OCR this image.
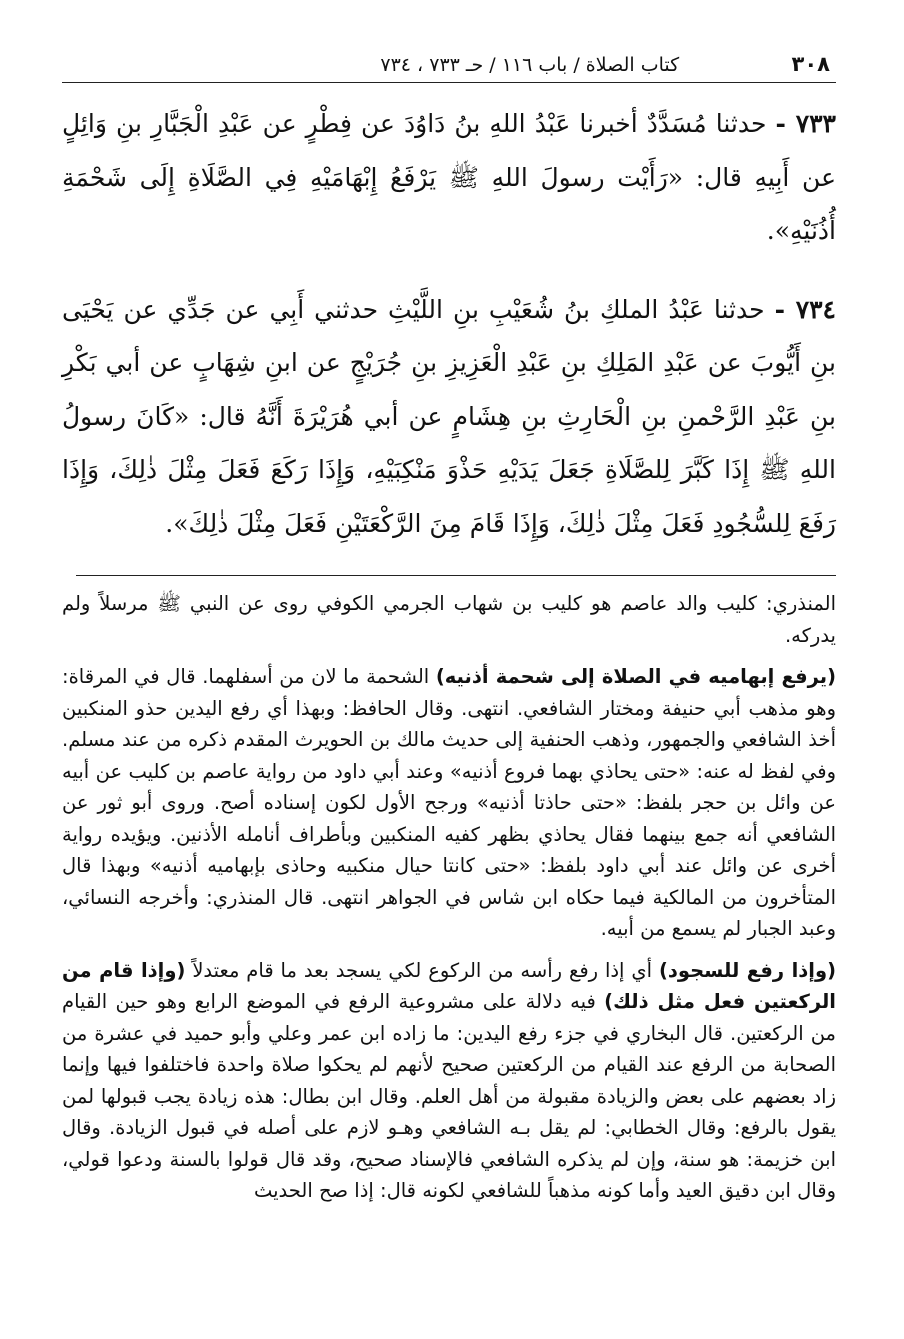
٣٠٨
كتاب الصلاة / باب ١١٦ / حـ ٧٣٣ ، ٧٣٤

٧٣٣ - حدثنا مُسَدَّدٌ أخبرنا عَبْدُ اللهِ بنُ دَاوُدَ عن فِطْرٍ عن عَبْدِ الْجَبَّارِ بنِ وَائِلٍ عن أَبِيهِ قال: «رَأَيْت رسولَ اللهِ ﷺ يَرْفَعُ إِبْهَامَيْهِ فِي الصَّلَاةِ إِلَى شَحْمَةِ أُذُنَيْهِ».

٧٣٤ - حدثنا عَبْدُ الملكِ بنُ شُعَيْبِ بنِ اللَّيْثِ حدثني أَبِي عن جَدِّي عن يَحْيَى بنِ أَيُّوبَ عن عَبْدِ المَلِكِ بنِ عَبْدِ الْعَزِيزِ بنِ جُرَيْجٍ عن ابنِ شِهَابٍ عن أبي بَكْرِ بنِ عَبْدِ الرَّحْمنِ بنِ الْحَارِثِ بنِ هِشَامٍ عن أبي هُرَيْرَةَ أَنَّهُ قال: «كَانَ رسولُ اللهِ ﷺ إِذَا كَبَّرَ لِلصَّلَاةِ جَعَلَ يَدَيْهِ حَذْوَ مَنْكِبَيْهِ، وَإِذَا رَكَعَ فَعَلَ مِثْلَ ذٰلِكَ، وَإِذَا رَفَعَ لِلسُّجُودِ فَعَلَ مِثْلَ ذٰلِكَ، وَإِذَا قَامَ مِنَ الرَّكْعَتَيْنِ فَعَلَ مِثْلَ ذٰلِكَ».

المنذري: كليب والد عاصم هو كليب بن شهاب الجرمي الكوفي روى عن النبي ﷺ مرسلاً ولم يدركه.

(يرفع إبهاميه في الصلاة إلى شحمة أذنيه) الشحمة ما لان من أسفلهما. قال في المرقاة: وهو مذهب أبي حنيفة ومختار الشافعي. انتهى. وقال الحافظ: وبهذا أي رفع اليدين حذو المنكبين أخذ الشافعي والجمهور، وذهب الحنفية إلى حديث مالك بن الحويرث المقدم ذكره من عند مسلم. وفي لفظ له عنه: «حتى يحاذي بهما فروع أذنيه» وعند أبي داود من رواية عاصم بن كليب عن أبيه عن وائل بن حجر بلفظ: «حتى حاذتا أذنيه» ورجح الأول لكون إسناده أصح. وروى أبو ثور عن الشافعي أنه جمع بينهما فقال يحاذي بظهر كفيه المنكبين وبأطراف أنامله الأذنين. ويؤيده رواية أخرى عن وائل عند أبي داود بلفظ: «حتى كانتا حيال منكبيه وحاذى بإبهاميه أذنيه» وبهذا قال المتأخرون من المالكية فيما حكاه ابن شاس في الجواهر انتهى. قال المنذري: وأخرجه النسائي، وعبد الجبار لم يسمع من أبيه.

(وإذا رفع للسجود) أي إذا رفع رأسه من الركوع لكي يسجد بعد ما قام معتدلاً (وإذا قام من الركعتين فعل مثل ذلك) فيه دلالة على مشروعية الرفع في الموضع الرابع وهو حين القيام من الركعتين. قال البخاري في جزء رفع اليدين: ما زاده ابن عمر وعلي وأبو حميد في عشرة من الصحابة من الرفع عند القيام من الركعتين صحيح لأنهم لم يحكوا صلاة واحدة فاختلفوا فيها وإنما زاد بعضهم على بعض والزيادة مقبولة من أهل العلم. وقال ابن بطال: هذه زيادة يجب قبولها لمن يقول بالرفع: وقال الخطابي: لم يقل بـه الشافعي وهـو لازم على أصله في قبول الزيادة. وقال ابن خزيمة: هو سنة، وإن لم يذكره الشافعي فالإسناد صحيح، وقد قال قولوا بالسنة ودعوا قولي، وقال ابن دقيق العيد وأما كونه مذهباً للشافعي لكونه قال: إذا صح الحديث
